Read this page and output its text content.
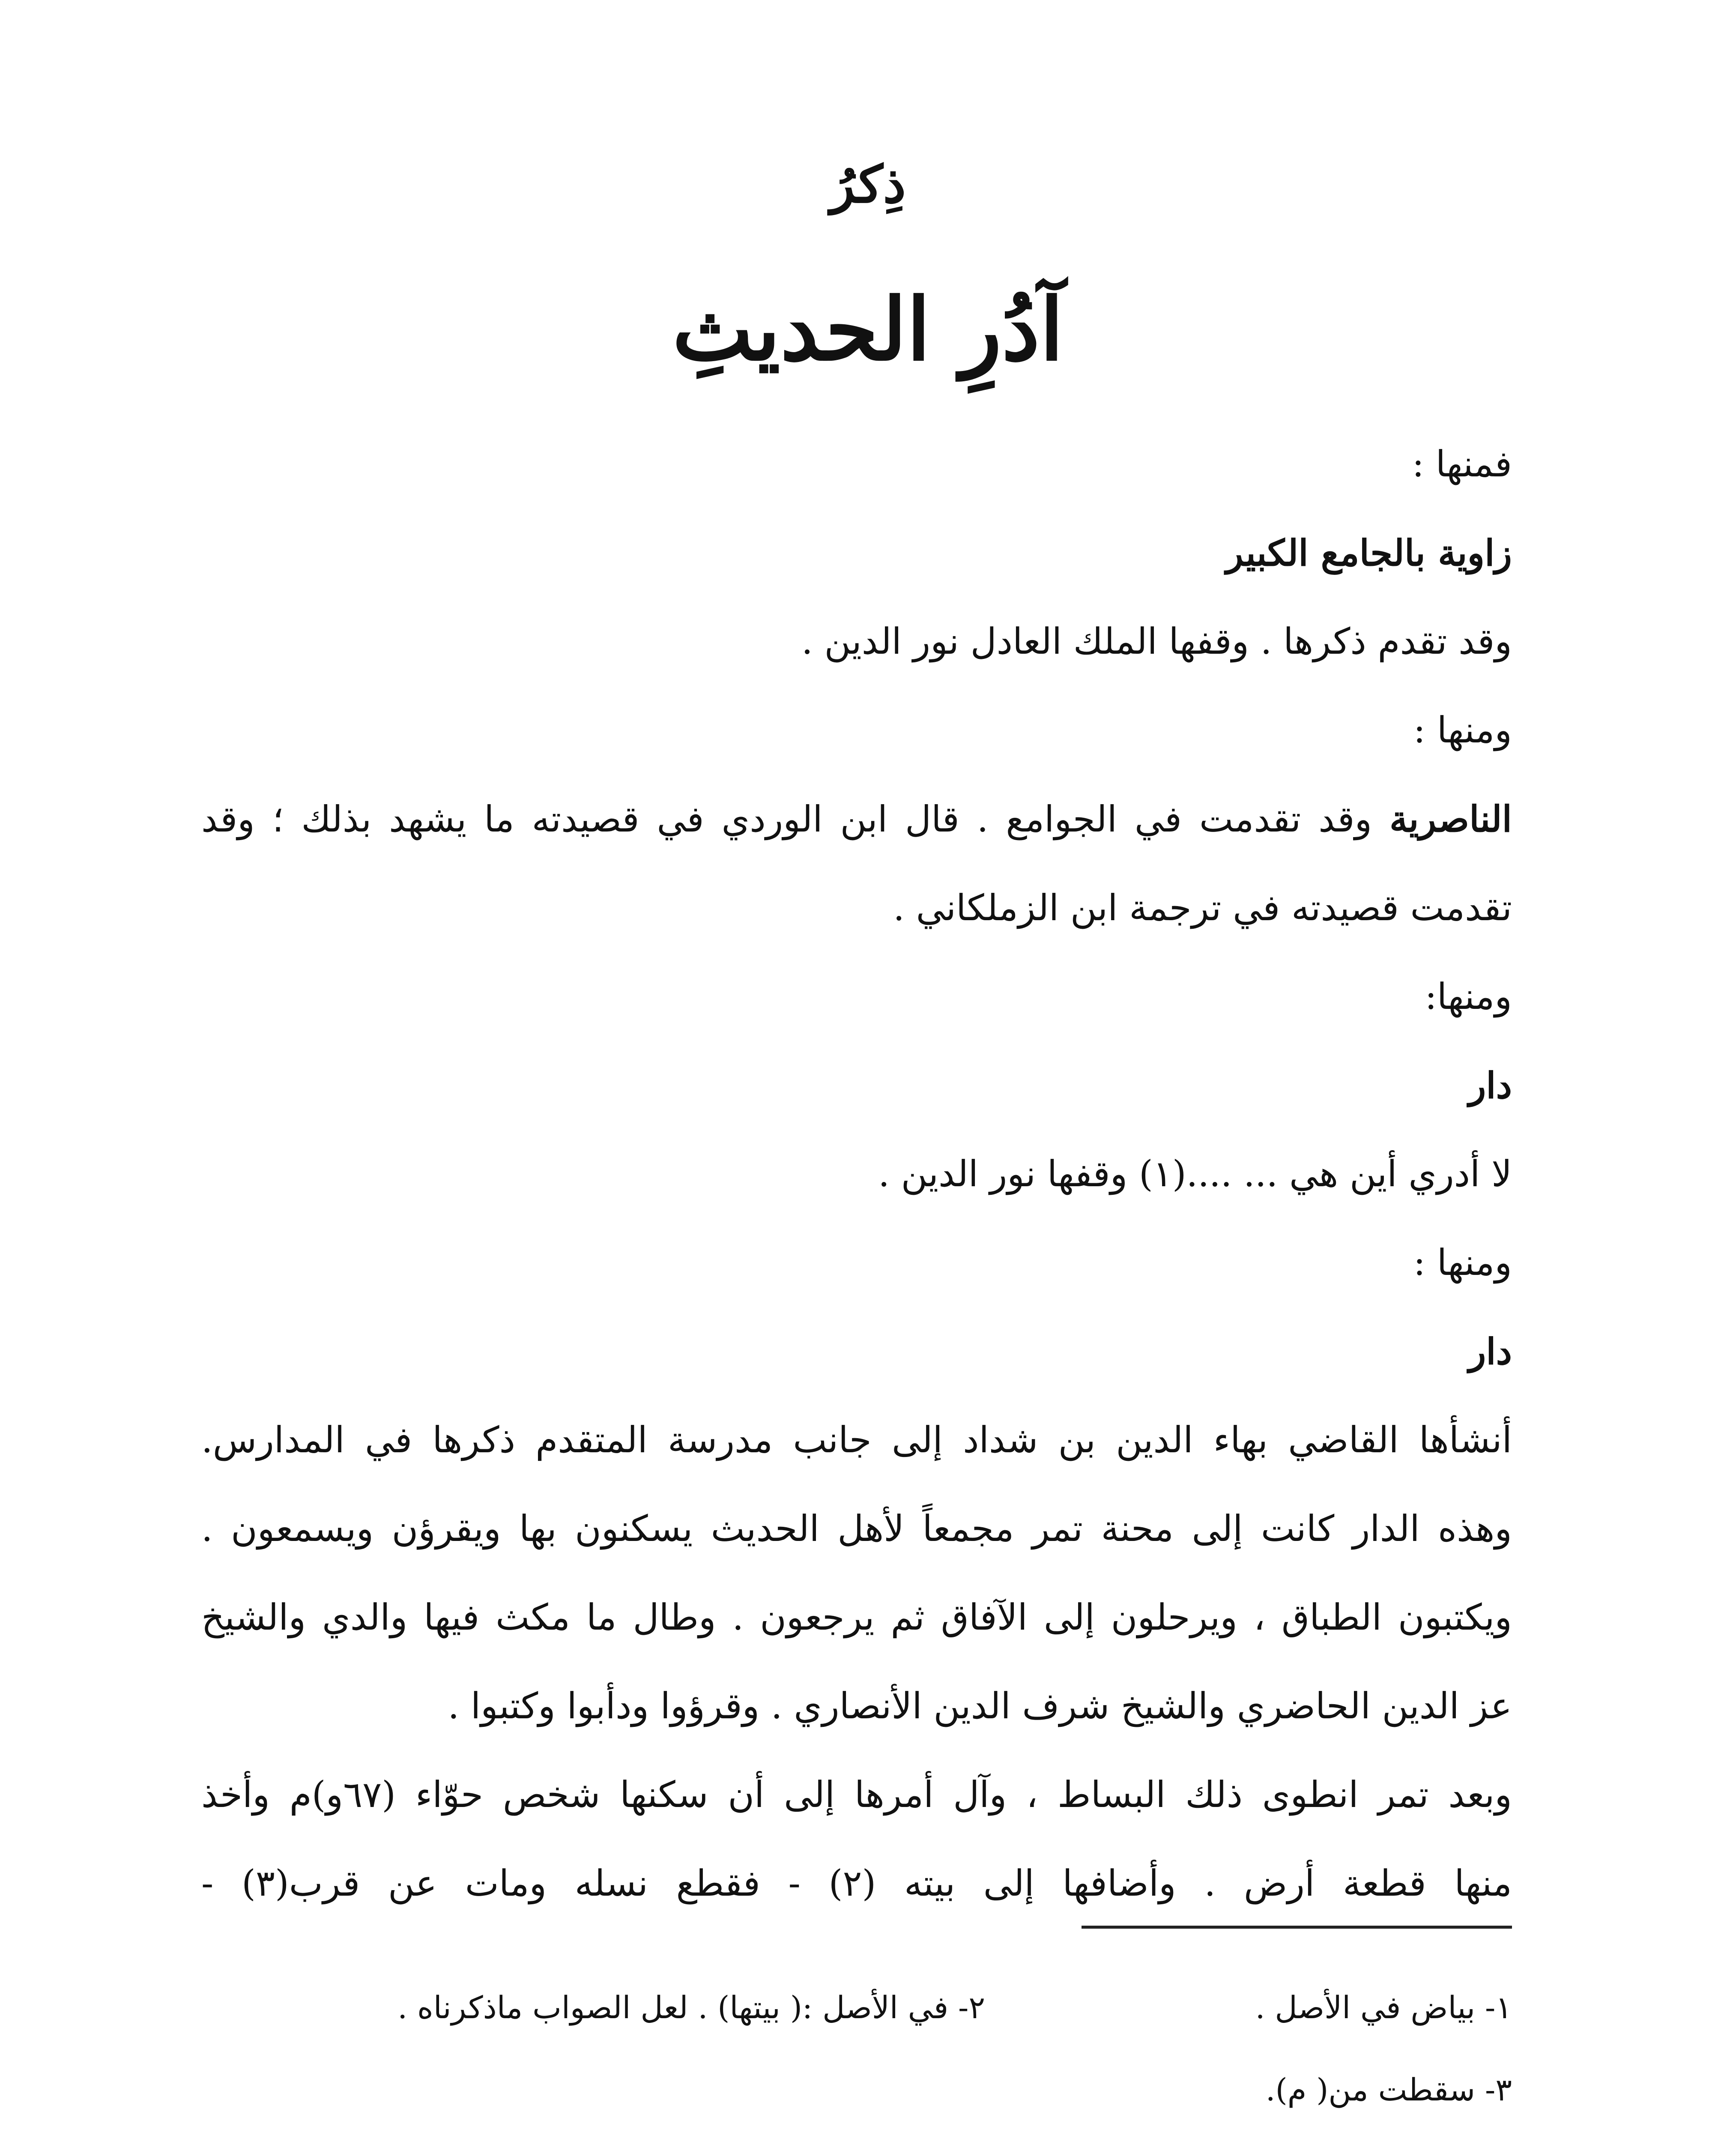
ذِكرُ
آدُرِ الحديثِ
فمنها :
زاوية بالجامع الكبير
وقد تقدم ذكرها . وقفها الملك العادل نور الدين .
ومنها :
الناصرية وقد تقدمت في الجوامع . قال ابن الوردي في قصيدته ما يشهد بذلك ؛ وقد
تقدمت قصيدته في ترجمة ابن الزملكاني .
ومنها:
دار
لا أدري أين هي ... ....(١) وقفها نور الدين .
ومنها :
دار
أنشأها القاضي بهاء الدين بن شداد إلى جانب مدرسة المتقدم ذكرها في المدارس.
وهذه الدار كانت إلى محنة تمر مجمعاً لأهل الحديث يسكنون بها ويقرؤن ويسمعون .
ويكتبون الطباق ، ويرحلون إلى الآفاق ثم يرجعون . وطال ما مكث فيها والدي والشيخ
عز الدين الحاضري والشيخ شرف الدين الأنصاري . وقرؤوا ودأبوا وكتبوا .
وبعد تمر انطوى ذلك البساط ، وآل أمرها إلى أن سكنها شخص حوّاء (٦٧و)م وأخذ
منها قطعة أرض . وأضافها إلى بيته (٢) - فقطع نسله ومات عن قرب(٣) -
١- بياض في الأصل .
٢- في الأصل :( بيتها) . لعل الصواب ماذكرناه .
٣- سقطت من( م).
